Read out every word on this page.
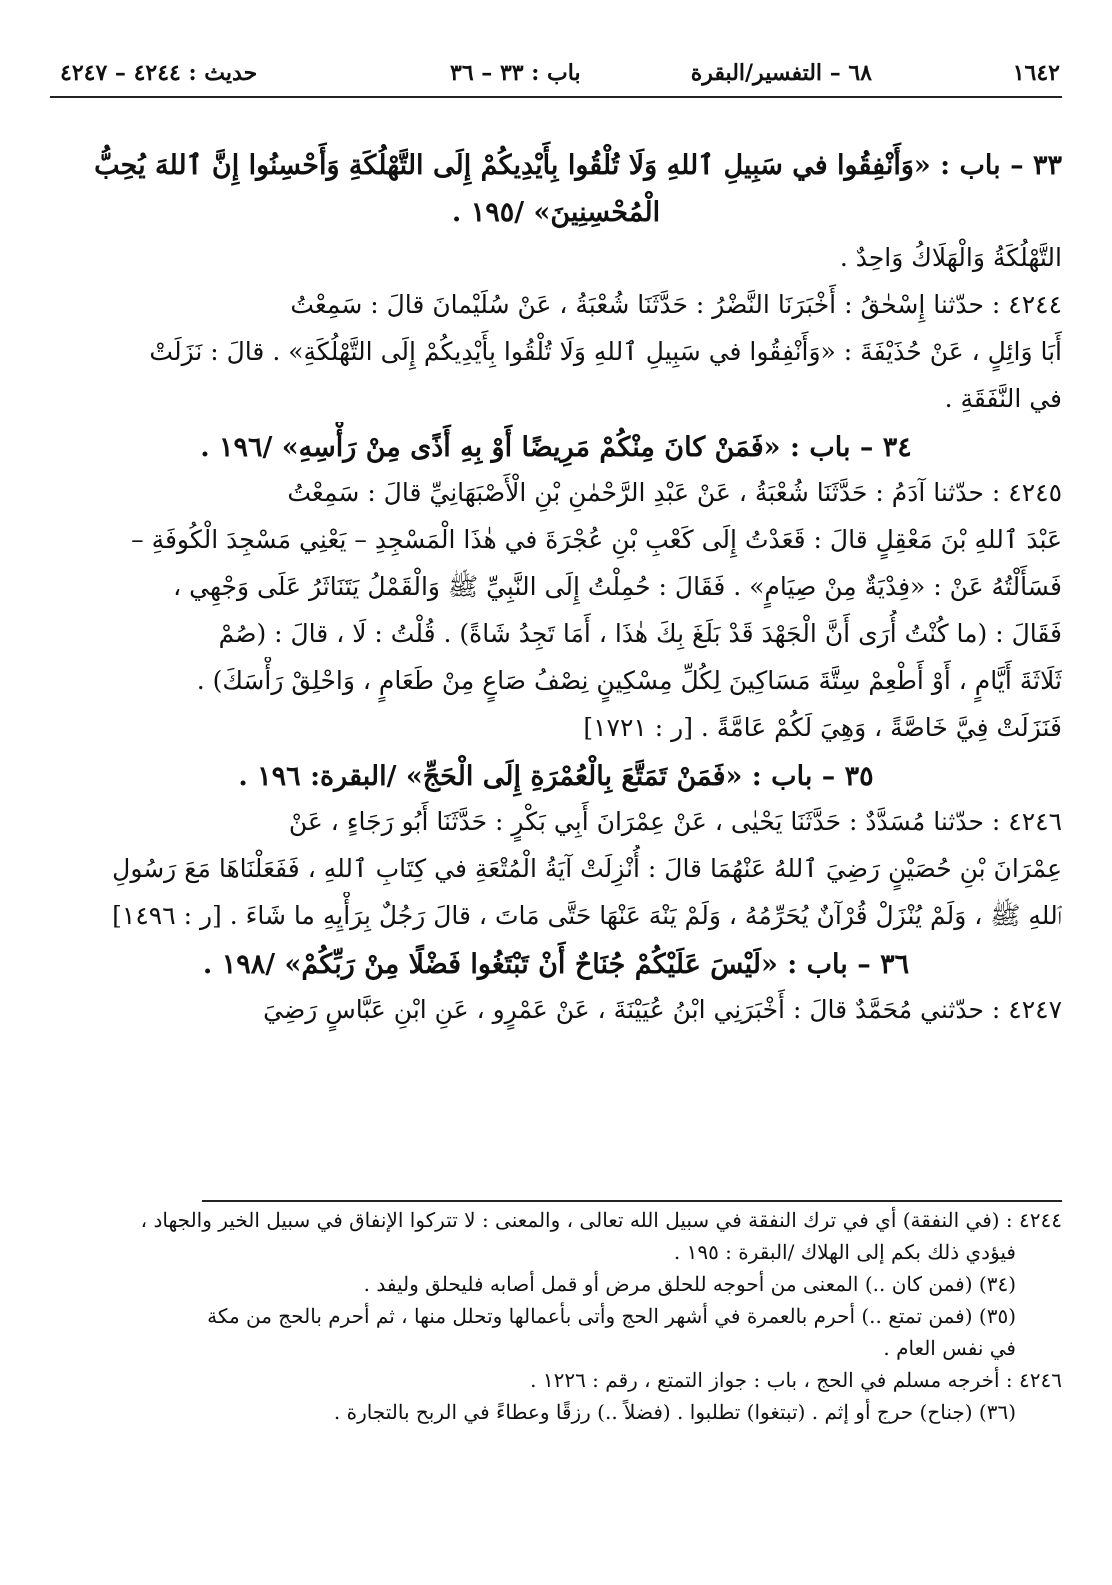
١٦٤٢
٦٨ – التفسير/البقرة
باب : ٣٣ – ٣٦
حديث : ٤٢٤٤ – ٤٢٤٧
٣٣ – باب : «وَأَنْفِقُوا في سَبِيلِ ٱللهِ وَلَا تُلْقُوا بِأَيْدِيكُمْ إِلَى التَّهْلُكَةِ وَأَحْسِنُوا إِنَّ ٱللهَ يُحِبُّ
الْمُحْسِنِينَ» /١٩٥ .
التَّهْلُكَةُ وَالْهَلَاكُ وَاحِدٌ .
٤٢٤٤ : حدّثنا إِسْحٰقُ : أَخْبَرَنَا النَّضْرُ : حَدَّثَنَا شُعْبَةُ ، عَنْ سُلَيْمانَ قالَ : سَمِعْتُ
أَبَا وَائِلٍ ، عَنْ حُذَيْفَةَ : «وَأَنْفِقُوا في سَبِيلِ ٱللهِ وَلَا تُلْقُوا بِأَيْدِيكُمْ إِلَى التَّهْلُكَةِ» . قالَ : نَزَلَتْ
في النَّفَقَةِ .
٣٤ – باب : «فَمَنْ كانَ مِنْكُمْ مَرِيضًا أَوْ بِهِ أَذًى مِنْ رَأْسِهِ» /١٩٦ .
٤٢٤٥ : حدّثنا آدَمُ : حَدَّثَنَا شُعْبَةُ ، عَنْ عَبْدِ الرَّحْمٰنِ بْنِ الْأَصْبَهَانِيِّ قالَ : سَمِعْتُ
عَبْدَ ٱللهِ بْنَ مَعْقِلٍ قالَ : قَعَدْتُ إِلَى كَعْبِ بْنِ عُجْرَةَ في هٰذَا الْمَسْجِدِ – يَعْنِي مَسْجِدَ الْكُوفَةِ –
فَسَأَلْتُهُ عَنْ : «فِدْيَةٌ مِنْ صِيَامٍ» . فَقَالَ : حُمِلْتُ إِلَى النَّبِيِّ ﷺ وَالْقَمْلُ يَتَنَاثَرُ عَلَى وَجْهِي ،
فَقَالَ : (ما كُنْتُ أُرَى أَنَّ الْجَهْدَ قَدْ بَلَغَ بِكَ هٰذَا ، أَمَا تَجِدُ شَاةً) . قُلْتُ : لَا ، قالَ : (صُمْ
ثَلَاثَةَ أَيَّامٍ ، أَوْ أَطْعِمْ سِتَّةَ مَسَاكِينَ لِكُلِّ مِسْكِينٍ نِصْفُ صَاعٍ مِنْ طَعَامٍ ، وَاحْلِقْ رَأْسَكَ) .
فَنَزَلَتْ فِيَّ خَاصَّةً ، وَهِيَ لَكُمْ عَامَّةً . [ر : ١٧٢١]
٣٥ – باب : «فَمَنْ تَمَتَّعَ بِالْعُمْرَةِ إِلَى الْحَجِّ» /البقرة: ١٩٦ .
٤٢٤٦ : حدّثنا مُسَدَّدٌ : حَدَّثَنَا يَحْيٰى ، عَنْ عِمْرَانَ أَبِي بَكْرٍ : حَدَّثَنَا أَبُو رَجَاءٍ ، عَنْ
عِمْرَانَ بْنِ حُصَيْنٍ رَضِيَ ٱللهُ عَنْهُمَا قالَ : أُنْزِلَتْ آيَةُ الْمُتْعَةِ في كِتَابِ ٱللهِ ، فَفَعَلْنَاهَا مَعَ رَسُولِ
ٱللهِ ﷺ ، وَلَمْ يُنْزَلْ قُرْآنٌ يُحَرِّمُهُ ، وَلَمْ يَنْهَ عَنْهَا حَتَّى مَاتَ ، قالَ رَجُلٌ بِرَأْيِهِ ما شَاءَ . [ر : ١٤٩٦]
٣٦ – باب : «لَيْسَ عَلَيْكُمْ جُنَاحٌ أَنْ تَبْتَغُوا فَضْلًا مِنْ رَبِّكُمْ» /١٩٨ .
٤٢٤٧ : حدّثني مُحَمَّدٌ قالَ : أَخْبَرَنِي ابْنُ عُيَيْنَةَ ، عَنْ عَمْرٍو ، عَنِ ابْنِ عَبَّاسٍ رَضِيَ
٤٢٤٤ : (في النفقة) أي في ترك النفقة في سبيل الله تعالى ، والمعنى : لا تتركوا الإنفاق في سبيل الخير والجهاد ،
فيؤدي ذلك بكم إلى الهلاك /البقرة : ١٩٥ .
(٣٤) (فمن كان ..) المعنى من أحوجه للحلق مرض أو قمل أصابه فليحلق وليفد .
(٣٥) (فمن تمتع ..) أحرم بالعمرة في أشهر الحج وأتى بأعمالها وتحلل منها ، ثم أحرم بالحج من مكة
في نفس العام .
٤٢٤٦ : أخرجه مسلم في الحج ، باب : جواز التمتع ، رقم : ١٢٢٦ .
(٣٦) (جناح) حرج أو إثم . (تبتغوا) تطلبوا . (فضلاً ..) رزقًا وعطاءً في الربح بالتجارة .
